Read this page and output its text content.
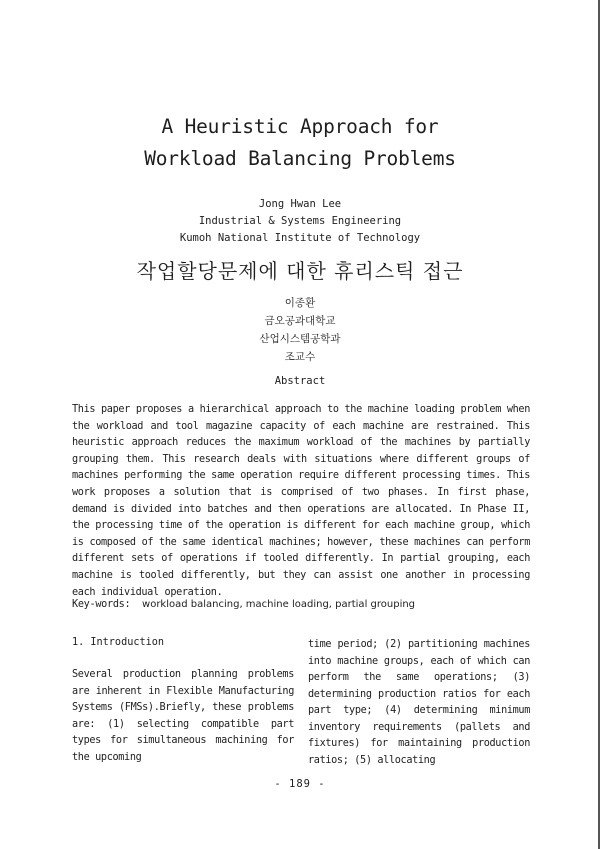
A Heuristic Approach for
Workload Balancing Problems
Jong Hwan Lee
Industrial & Systems Engineering
Kumoh National Institute of Technology
작업할당문제에 대한 휴리스틱 접근
이종환
금오공과대학교
산업시스템공학과
조교수
Abstract
This paper proposes a hierarchical approach to the machine loading problem when the workload and tool magazine capacity of each machine are restrained. This heuristic approach reduces the maximum workload of the machines by partially grouping them. This research deals with situations where different groups of machines performing the same operation require different processing times. This work proposes a solution that is comprised of two phases. In first phase, demand is divided into batches and then operations are allocated. In Phase II, the processing time of the operation is different for each machine group, which is composed of the same identical machines; however, these machines can perform different sets of operations if tooled differently. In partial grouping, each machine is tooled differently, but they can assist one another in processing each individual operation.
Key-words: workload balancing, machine loading, partial grouping
1. Introduction
Several production planning problems are inherent in Flexible Manufacturing Systems (FMSs).Briefly, these problems are: (1) selecting compatible part types for simultaneous machining for the upcoming
time period; (2) partitioning machines into machine groups, each of which can perform the same operations; (3) determining production ratios for each part type; (4) determining minimum inventory requirements (pallets and fixtures) for maintaining production ratios; (5) allocating
- 189 -
